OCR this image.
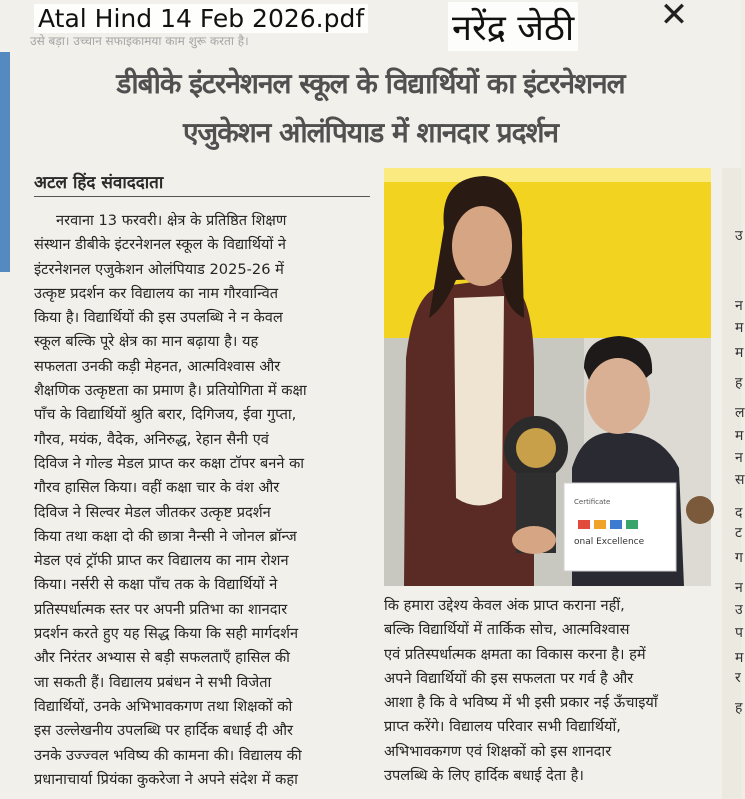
उसे बड़ा। उच्चान सफाइकामया काम शुरू करता है।
डीबीके इंटरनेशनल स्कूल के विद्यार्थियों का इंटरनेशनल
एजुकेशन ओलंपियाड में शानदार प्रदर्शन
अटल हिंद संवाददाता
नरवाना 13 फरवरी। क्षेत्र के प्रतिष्ठित शिक्षण
संस्थान डीबीके इंटरनेशनल स्कूल के विद्यार्थियों ने
इंटरनेशनल एजुकेशन ओलंपियाड 2025-26 में
उत्कृष्ट प्रदर्शन कर विद्यालय का नाम गौरवान्वित
किया है। विद्यार्थियों की इस उपलब्धि ने न केवल
स्कूल बल्कि पूरे क्षेत्र का मान बढ़ाया है। यह
सफलता उनकी कड़ी मेहनत, आत्मविश्वास और
शैक्षणिक उत्कृष्टता का प्रमाण है। प्रतियोगिता में कक्षा
पाँच के विद्यार्थियों श्रुति बरार, दिगिजय, ईवा गुप्ता,
गौरव, मयंक, वैदेक, अनिरुद्ध, रेहान सैनी एवं
दिविज ने गोल्ड मेडल प्राप्त कर कक्षा टॉपर बनने का
गौरव हासिल किया। वहीं कक्षा चार के वंश और
दिविज ने सिल्वर मेडल जीतकर उत्कृष्ट प्रदर्शन
किया तथा कक्षा दो की छात्रा नैन्सी ने जोनल ब्रॉन्ज
मेडल एवं ट्रॉफी प्राप्त कर विद्यालय का नाम रोशन
किया। नर्सरी से कक्षा पाँच तक के विद्यार्थियों ने
प्रतिस्पर्धात्मक स्तर पर अपनी प्रतिभा का शानदार
प्रदर्शन करते हुए यह सिद्ध किया कि सही मार्गदर्शन
और निरंतर अभ्यास से बड़ी सफलताएँ हासिल की
जा सकती हैं। विद्यालय प्रबंधन ने सभी विजेता
विद्यार्थियों, उनके अभिभावकगण तथा शिक्षकों को
इस उल्लेखनीय उपलब्धि पर हार्दिक बधाई दी और
उनके उज्ज्वल भविष्य की कामना की। विद्यालय की
प्रधानाचार्या प्रियंका कुकरेजा ने अपने संदेश में कहा
Certificate
onal Excellence
कि हमारा उद्देश्य केवल अंक प्राप्त कराना नहीं,
बल्कि विद्यार्थियों में तार्किक सोच, आत्मविश्वास
एवं प्रतिस्पर्धात्मक क्षमता का विकास करना है। हमें
अपने विद्यार्थियों की इस सफलता पर गर्व है और
आशा है कि वे भविष्य में भी इसी प्रकार नई ऊँचाइयाँ
प्राप्त करेंगे। विद्यालय परिवार सभी विद्यार्थियों,
अभिभावकगण एवं शिक्षकों को इस शानदार
उपलब्धि के लिए हार्दिक बधाई देता है।
उ
न
म
म
ह
ल
म
न
स
द
ट
ग
न
उ
प
म
र
ह
Atal Hind 14 Feb 2026.pdf नरेंद्र जेठी	✕
